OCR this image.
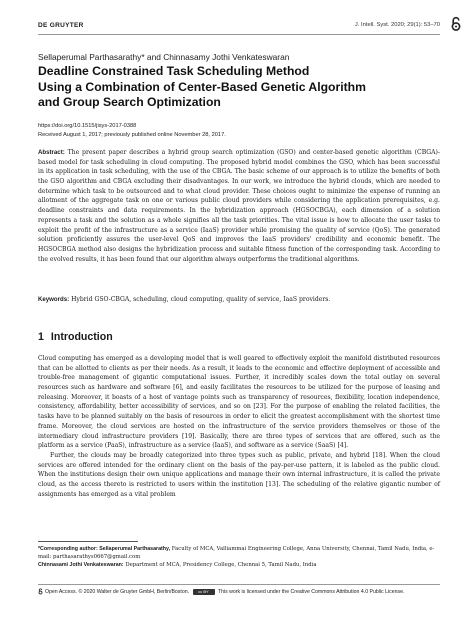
DE GRUYTER	J. Intell. Syst. 2020; 29(1): 53–70
Sellaperumal Parthasarathy* and Chinnasamy Jothi Venkateswaran
Deadline Constrained Task Scheduling Method
Using a Combination of Center-Based Genetic Algorithm
and Group Search Optimization
https://doi.org/10.1515/jisys-2017-0388
Received August 1, 2017; previously published online November 28, 2017.
Abstract: The present paper describes a hybrid group search optimization (GSO) and center-based genetic algorithm (CBGA)-based model for task scheduling in cloud computing. The proposed hybrid model combines the GSO, which has been successful in its application in task scheduling, with the use of the CBGA. The basic scheme of our approach is to utilize the benefits of both the GSO algorithm and CBGA excluding their disadvantages. In our work, we introduce the hybrid clouds, which are needed to determine which task to be outsourced and to what cloud provider. These choices ought to minimize the expense of running an allotment of the aggregate task on one or various public cloud providers while considering the application prerequisites, e.g. deadline constraints and data requirements. In the hybridization approach (HGSOCBGA), each dimension of a solution represents a task and the solution as a whole signifies all the task priorities. The vital issue is how to allocate the user tasks to exploit the profit of the infrastructure as a service (IaaS) provider while promising the quality of service (QoS). The generated solution proficiently assures the user-level QoS and improves the IaaS providers' credibility and economic benefit. The HGSOCBGA method also designs the hybridization process and suitable fitness function of the corresponding task. According to the evolved results, it has been found that our algorithm always outperforms the traditional algorithms.
Keywords: Hybrid GSO-CBGA, scheduling, cloud computing, quality of service, IaaS providers.
1 Introduction

Cloud computing has emerged as a developing model that is well geared to effectively exploit the manifold distributed resources that can be allotted to clients as per their needs. As a result, it leads to the economic and effective deployment of accessible and trouble-free management of gigantic computational issues. Further, it incredibly scales down the total outlay on several resources such as hardware and software [6], and easily facilitates the resources to be utilized for the purpose of leasing and releasing. Moreover, it boasts of a host of vantage points such as transparency of resources, flexibility, location independence, consistency, affordability, better accessibility of services, and so on [23]. For the purpose of enabling the related facilities, the tasks have to be planned suitably on the basis of resources in order to elicit the greatest accomplishment with the shortest time frame. Moreover, the cloud services are hosted on the infrastructure of the service providers themselves or those of the intermediary cloud infrastructure providers [19]. Basically, there are three types of services that are offered, such as the platform as a service (PaaS), infrastructure as a service (IaaS), and software as a service (SaaS) [4].

Further, the clouds may be broadly categorized into three types such as public, private, and hybrid [18]. When the cloud services are offered intended for the ordinary client on the basis of the pay-per-use pattern, it is labeled as the public cloud. When the institutions design their own unique applications and manage their own internal infrastructure, it is called the private cloud, as the access thereto is restricted to users within the institution [13]. The scheduling of the relative gigantic number of assignments has emerged as a vital problem

*Corresponding author: Sellaperumal Parthasarathy, Faculty of MCA, Valliammai Engineering College, Anna University, Chennai, Tamil Nadu, India, e-mail: parthasarathys0667@gmail.com
Chinnasami Jothi Venkateswaran: Department of MCA, Presidency College, Chennai 5, Tamil Nadu, India
Open Access. © 2020 Walter de Gruyter GmbH, Berlin/Boston. cc BY This work is licensed under the Creative Commons Attribution 4.0 Public License.
